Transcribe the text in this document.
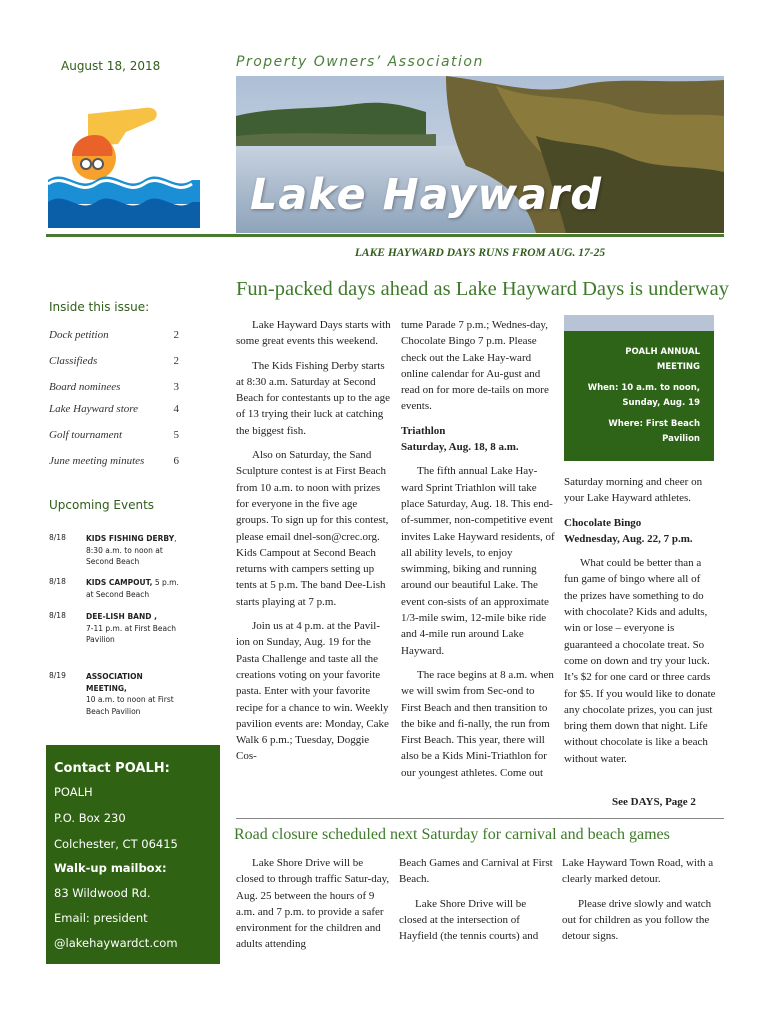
August 18, 2018	Property Owners’ Association
Lake Hayward
LAKE HAYWARD DAYS RUNS FROM AUG. 17-25
Fun-packed days ahead as Lake Hayward Days is underway
Inside this issue:
Dock petition	2
Classifieds	2
Board nominees	3
Lake Hayward store	4
Golf tournament	5
June meeting minutes	6
Upcoming Events
8/18	KIDS FISHING DERBY,
8:30 a.m. to noon at
Second Beach
8/18	KIDS CAMPOUT, 5 p.m.
at Second Beach
8/18	DEE-LISH BAND ,
7-11 p.m. at First Beach
Pavilion
8/19	ASSOCIATION
MEETING,
10 a.m. to noon at First
Beach Pavilion
Contact POALH:
POALH
P.O. Box 230
Colchester, CT 06415
Walk-up mailbox:
83 Wildwood Rd.
Email: president
@lakehaywardct.com

Lake Hayward Days starts with some great events this weekend.

The Kids Fishing Derby starts at 8:30 a.m. Saturday at Second Beach for contestants up to the age of 13 trying their luck at catching the biggest fish.

Also on Saturday, the Sand Sculpture contest is at First Beach from 10 a.m. to noon with prizes for everyone in the five age groups. To sign up for this contest, please email dnel-son@crec.org. Kids Campout at Second Beach returns with campers setting up tents at 5 p.m. The band Dee-Lish starts playing at 7 p.m.

Join us at 4 p.m. at the Pavil-ion on Sunday, Aug. 19 for the Pasta Challenge and taste all the creations voting on your favorite pasta. Enter with your favorite recipe for a chance to win. Weekly pavilion events are: Monday, Cake Walk 6 p.m.; Tuesday, Doggie Cos-

tume Parade 7 p.m.; Wednes-day, Chocolate Bingo 7 p.m. Please check out the Lake Hay-ward online calendar for Au-gust and read on for more de-tails on more events.

Triathlon

Saturday, Aug. 18, 8 a.m.

The fifth annual Lake Hay-ward Sprint Triathlon will take place Saturday, Aug. 18. This end-of-summer, non-competitive event invites Lake Hayward residents, of all ability levels, to enjoy swimming, biking and running around our beautiful Lake. The event con-sists of an approximate 1/3-mile swim, 12-mile bike ride and 4-mile run around Lake Hayward.

The race begins at 8 a.m. when we will swim from Sec-ond to First Beach and then transition to the bike and fi-nally, the run from First Beach. This year, there will also be a Kids Mini-Triathlon for our youngest athletes. Come out

POALH ANNUAL
MEETING
When: 10 a.m. to noon,
Sunday, Aug. 19
Where: First Beach
Pavilion

Saturday morning and cheer on your Lake Hayward athletes.

Chocolate Bingo

Wednesday, Aug. 22, 7 p.m.

What could be better than a fun game of bingo where all of the prizes have something to do with chocolate? Kids and adults, win or lose – everyone is guaranteed a chocolate treat. So come on down and try your luck. It’s $2 for one card or three cards for $5. If you would like to donate any chocolate prizes, you can just bring them down that night. Life without chocolate is like a beach without water.

See DAYS, Page 2
Road closure scheduled next Saturday for carnival and beach games

Lake Shore Drive will be closed to through traffic Satur-day, Aug. 25 between the hours of 9 a.m. and 7 p.m. to provide a safer environment for the children and adults attending

Beach Games and Carnival at First Beach.

Lake Shore Drive will be closed at the intersection of Hayfield (the tennis courts) and

Lake Hayward Town Road, with a clearly marked detour.

Please drive slowly and watch out for children as you follow the detour signs.
